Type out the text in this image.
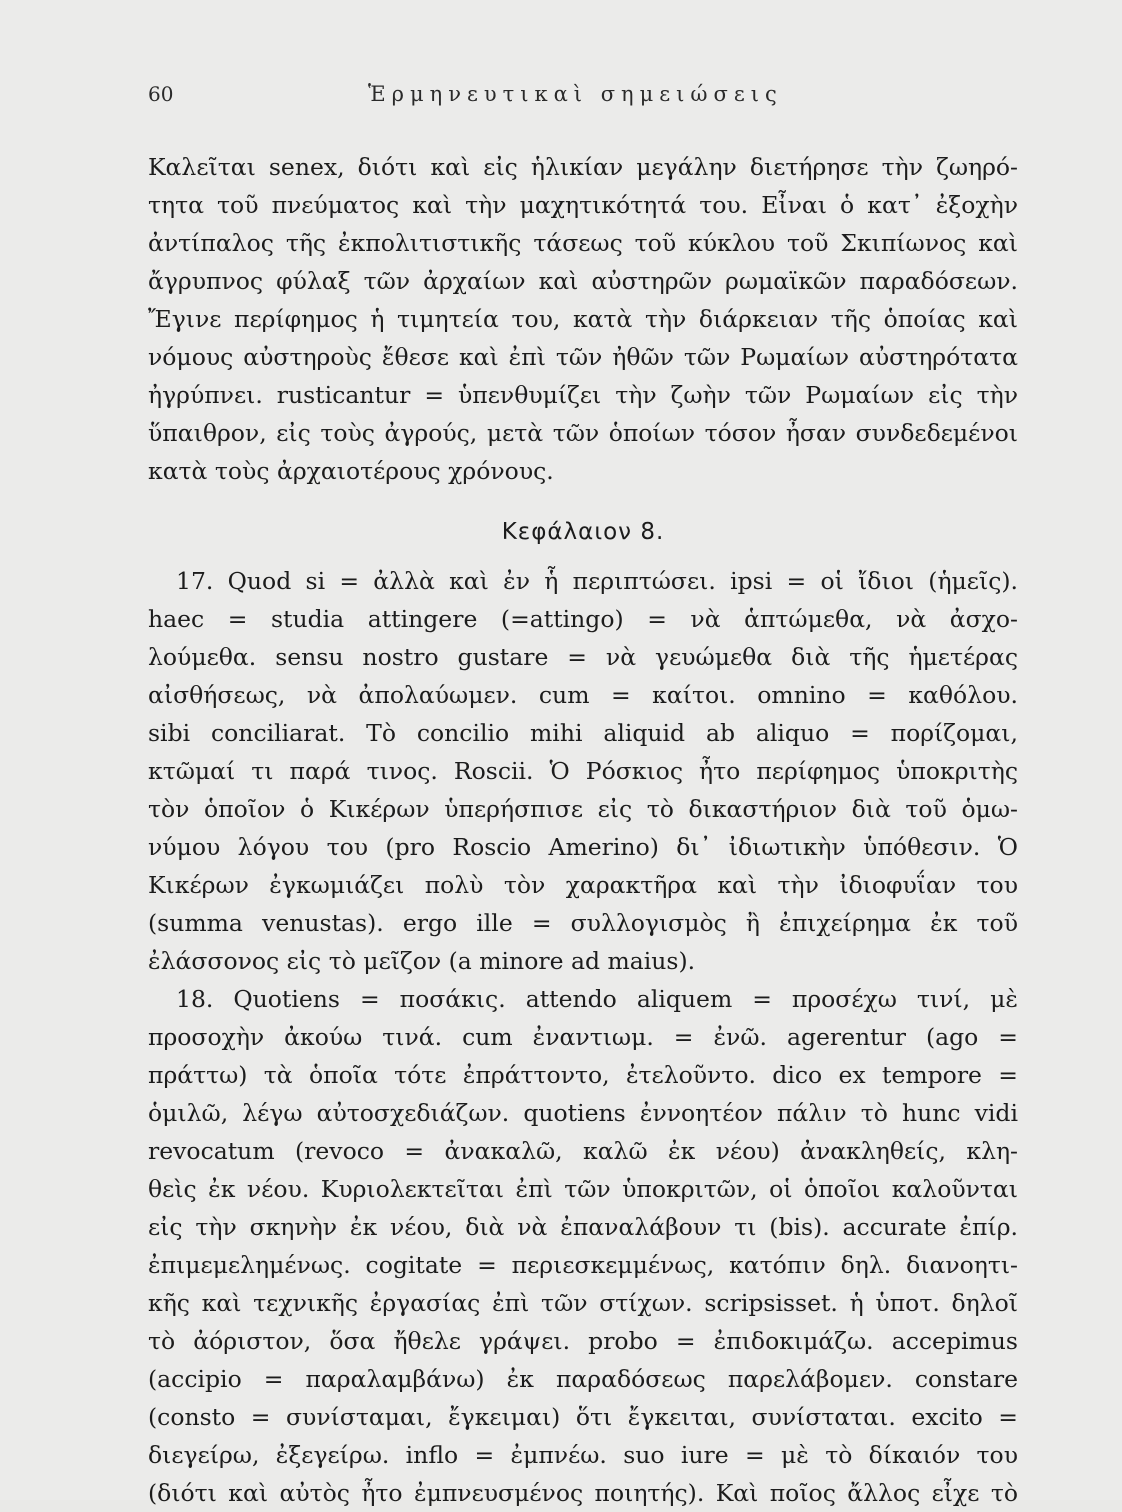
60	Ἑρμηνευτικαὶ σημειώσεις
Καλεῖται senex, διότι καὶ εἰς ἡλικίαν μεγάλην διετήρησε τὴν ζωηρό-
τητα τοῦ πνεύματος καὶ τὴν μαχητικότητά του. Εἶναι ὁ κατ᾽ ἐξοχὴν
ἀντίπαλος τῆς ἐκπολιτιστικῆς τάσεως τοῦ κύκλου τοῦ Σκιπίωνος καὶ
ἄγρυπνος φύλαξ τῶν ἀρχαίων καὶ αὐστηρῶν ρωμαϊκῶν παραδόσεων.
Ἔγινε περίφημος ἡ τιμητεία του, κατὰ τὴν διάρκειαν τῆς ὁποίας καὶ
νόμους αὐστηροὺς ἔθεσε καὶ ἐπὶ τῶν ἠθῶν τῶν Ρωμαίων αὐστηρότατα
ἠγρύπνει. rusticantur = ὑπενθυμίζει τὴν ζωὴν τῶν Ρωμαίων εἰς τὴν
ὕπαιθρον, εἰς τοὺς ἀγρούς, μετὰ τῶν ὁποίων τόσον ἦσαν συνδεδεμένοι
κατὰ τοὺς ἀρχαιοτέρους χρόνους.
Κεφάλαιον 8.
17. Quod si = ἀλλὰ καὶ ἐν ἧ περιπτώσει. ipsi = οἱ ἴδιοι (ἡμεῖς).
haec = studia attingere (=attingo) = νὰ ἁπτώμεθα, νὰ ἀσχο-
λούμεθα. sensu nostro gustare = νὰ γευώμεθα διὰ τῆς ἡμετέρας
αἰσθήσεως, νὰ ἀπολαύωμεν. cum = καίτοι. omnino = καθόλου.
sibi conciliarat. Τὸ concilio mihi aliquid ab aliquo = πορίζομαι,
κτῶμαί τι παρά τινος. Roscii. Ὁ Ρόσκιος ἦτο περίφημος ὑποκριτὴς
τὸν ὁποῖον ὁ Κικέρων ὑπερήσπισε εἰς τὸ δικαστήριον διὰ τοῦ ὁμω-
νύμου λόγου του (pro Roscio Amerino) δι᾽ ἰδιωτικὴν ὑπόθεσιν. Ὁ
Κικέρων ἐγκωμιάζει πολὺ τὸν χαρακτῆρα καὶ τὴν ἰδιοφυΐαν του
(summa venustas). ergo ille = συλλογισμὸς ἢ ἐπιχείρημα ἐκ τοῦ
ἐλάσσονος εἰς τὸ μεῖζον (a minore ad maius).
18. Quotiens = ποσάκις. attendo aliquem = προσέχω τινί, μὲ
προσοχὴν ἀκούω τινά. cum ἐναντιωμ. = ἐνῶ. agerentur (ago =
πράττω) τὰ ὁποῖα τότε ἐπράττοντο, ἐτελοῦντο. dico ex tempore =
ὁμιλῶ, λέγω αὐτοσχεδιάζων. quotiens ἐννοητέον πάλιν τὸ hunc vidi
revocatum (revoco = ἀνακαλῶ, καλῶ ἐκ νέου) ἀνακληθείς, κλη-
θεὶς ἐκ νέου. Κυριολεκτεῖται ἐπὶ τῶν ὑποκριτῶν, οἱ ὁποῖοι καλοῦνται
εἰς τὴν σκηνὴν ἐκ νέου, διὰ νὰ ἐπαναλάβουν τι (bis). accurate ἐπίρ.
ἐπιμεμελημένως. cogitate = περιεσκεμμένως, κατόπιν δηλ. διανοητι-
κῆς καὶ τεχνικῆς ἐργασίας ἐπὶ τῶν στίχων. scripsisset. ἡ ὑποτ. δηλοῖ
τὸ ἀόριστον, ὅσα ἤθελε γράψει. probo = ἐπιδοκιμάζω. accepimus
(accipio = παραλαμβάνω) ἐκ παραδόσεως παρελάβομεν. constare
(consto = συνίσταμαι, ἔγκειμαι) ὅτι ἔγκειται, συνίσταται. excito =
διεγείρω, ἐξεγείρω. inflo = ἐμπνέω. suo iure = μὲ τὸ δίκαιόν του
(διότι καὶ αὐτὸς ἦτο ἐμπνευσμένος ποιητής). Καὶ ποῖος ἄλλος εἶχε τὸ
